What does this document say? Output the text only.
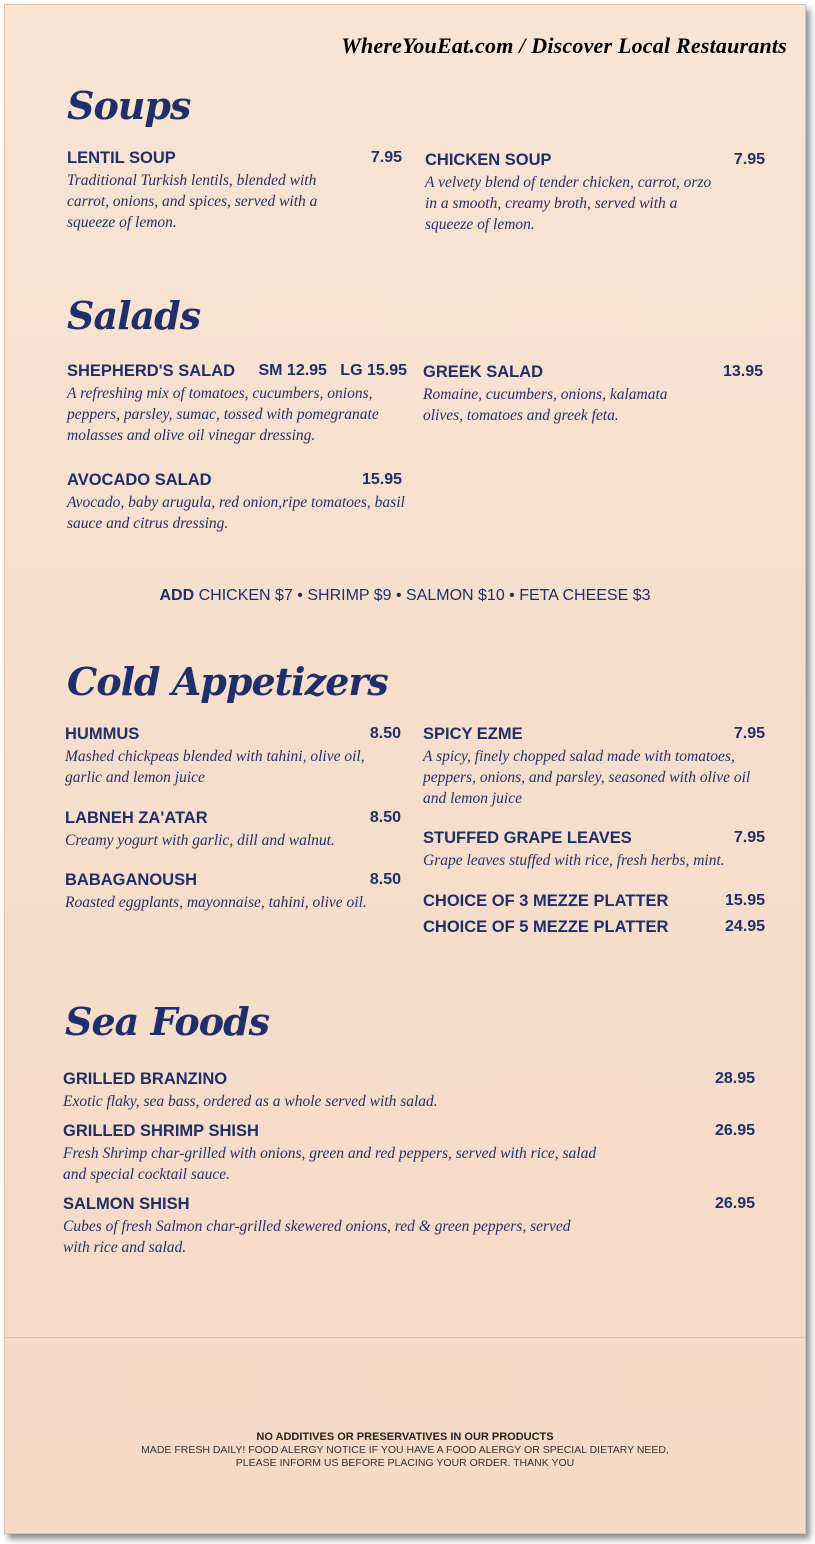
WhereYouEat.com / Discover Local Restaurants
Soups
LENTIL SOUP	7.95
Traditional Turkish lentils, blended with carrot, onions, and spices, served with a squeeze of lemon.
CHICKEN SOUP	7.95
A velvety blend of tender chicken, carrot, orzo in a smooth, creamy broth, served with a squeeze of lemon.
Salads
SHEPHERD'S SALAD SM 12.95   LG 15.95
A refreshing mix of tomatoes, cucumbers, onions, peppers, parsley, sumac, tossed with pomegranate molasses and olive oil vinegar dressing.
GREEK SALAD	13.95
Romaine, cucumbers, onions, kalamata olives, tomatoes and greek feta.
AVOCADO SALAD	15.95
Avocado, baby arugula, red onion,ripe tomatoes, basil sauce and citrus dressing.
ADD CHICKEN $7 • SHRIMP $9 • SALMON $10 • FETA CHEESE $3
Cold Appetizers
HUMMUS	8.50
Mashed chickpeas blended with tahini, olive oil, garlic and lemon juice
LABNEH ZA'ATAR	8.50
Creamy yogurt with garlic, dill and walnut.
BABAGANOUSH	8.50
Roasted eggplants, mayonnaise, tahini, olive oil.
SPICY EZME	7.95
A spicy, finely chopped salad made with tomatoes, peppers, onions, and parsley, seasoned with olive oil and lemon juice
STUFFED GRAPE LEAVES	7.95
Grape leaves stuffed with rice, fresh herbs, mint.
CHOICE OF 3 MEZZE PLATTER	15.95
CHOICE OF 5 MEZZE PLATTER	24.95
Sea Foods
GRILLED BRANZINO	28.95
Exotic flaky, sea bass, ordered as a whole served with salad.
GRILLED SHRIMP SHISH	26.95
Fresh Shrimp char-grilled with onions, green and red peppers, served with rice, salad and special cocktail sauce.
SALMON SHISH	26.95
Cubes of fresh Salmon char-grilled skewered onions, red & green peppers, served with rice and salad.
NO ADDITIVES OR PRESERVATIVES IN OUR PRODUCTS
MADE FRESH DAILY! FOOD ALERGY NOTICE IF YOU HAVE A FOOD ALERGY OR SPECIAL DIETARY NEED,
PLEASE INFORM US BEFORE PLACING YOUR ORDER. THANK YOU
